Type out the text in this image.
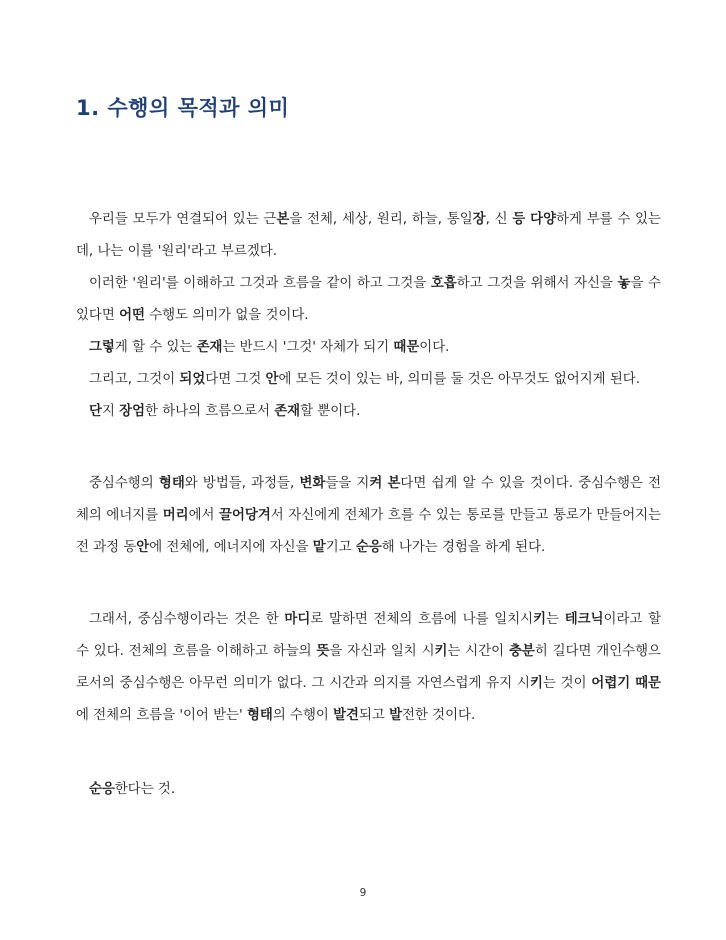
1. 수행의 목적과 의미

우리들 모두가 연결되어 있는 근본을 전체, 세상, 원리, 하늘, 통일장, 신 등 다양하게 부를 수 있는데, 나는 이를 '원리'라고 부르겠다.

이러한 '원리'를 이해하고 그것과 흐름을 같이 하고 그것을 호흡하고 그것을 위해서 자신을 놓을 수 있다면 어떤 수행도 의미가 없을 것이다.

그렇게 할 수 있는 존재는 반드시 '그것' 자체가 되기 때문이다.

그리고, 그것이 되었다면 그것 안에 모든 것이 있는 바, 의미를 둘 것은 아무것도 없어지게 된다.

단지 장엄한 하나의 흐름으로서 존재할 뿐이다.

중심수행의 형태와 방법들, 과정들, 변화들을 지켜 본다면 쉽게 알 수 있을 것이다. 중심수행은 전체의 에너지를 머리에서 끌어당겨서 자신에게 전체가 흐를 수 있는 통로를 만들고 통로가 만들어지는 전 과정 동안에 전체에, 에너지에 자신을 맡기고 순응해 나가는 경험을 하게 된다.

그래서, 중심수행이라는 것은 한 마디로 말하면 전체의 흐름에 나를 일치시키는 테크닉이라고 할 수 있다. 전체의 흐름을 이해하고 하늘의 뜻을 자신과 일치 시키는 시간이 충분히 길다면 개인수행으로서의 중심수행은 아무런 의미가 없다. 그 시간과 의지를 자연스럽게 유지 시키는 것이 어렵기 때문에 전체의 흐름을 '이어 받는' 형태의 수행이 발견되고 발전한 것이다.

순응한다는 것.

9
